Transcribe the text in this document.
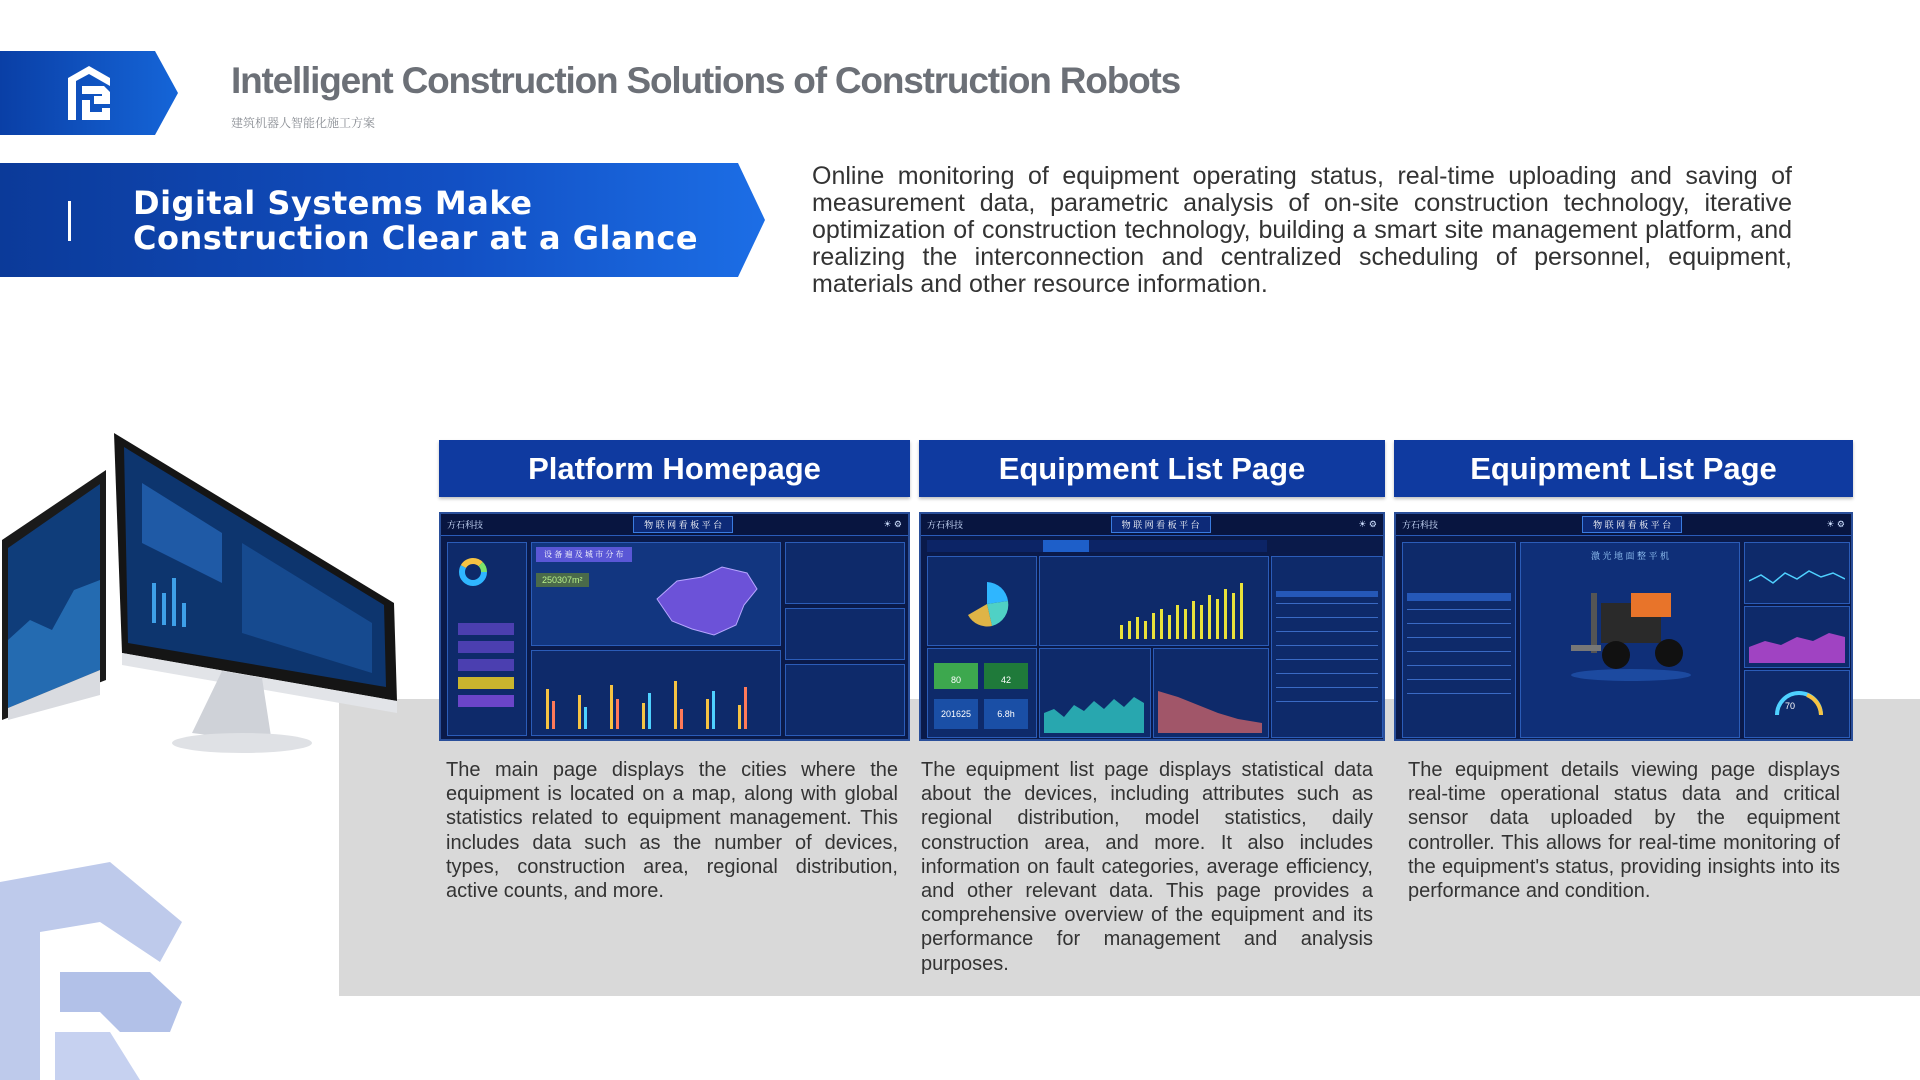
Intelligent Construction Solutions of Construction Robots
建筑机器人智能化施工方案
Digital Systems Make Construction Clear at a Glance
Online monitoring of equipment operating status, real-time uploading and saving of measurement data, parametric analysis of on-site construction technology, iterative optimization of construction technology, building a smart site management platform, and realizing the interconnection and centralized scheduling of personnel, equipment, materials and other resource information.
Platform Homepage
方石科技	物 联 网 看 板 平 台	☀ ⚙
设 备 遍 及 城 市 分 布
250307m²
The main page displays the cities where the equipment is located on a map, along with global statistics related to equipment management. This includes data such as the number of devices, types, construction area, regional distribution, active counts, and more.
Equipment List Page
方石科技	物 联 网 看 板 平 台	☀ ⚙
80	42
201625	6.8h
The equipment list page displays statistical data about the devices, including attributes such as regional distribution, model statistics, daily construction area, and more. It also includes information on fault categories, average efficiency, and other relevant data. This page provides a comprehensive overview of the equipment and its performance for management and analysis purposes.
Equipment List Page
方石科技	物 联 网 看 板 平 台	☀ ⚙
激 光 地 面 整 平 机
70
The equipment details viewing page displays real-time operational status data and critical sensor data uploaded by the equipment controller. This allows for real-time monitoring of the equipment's status, providing insights into its performance and condition.
